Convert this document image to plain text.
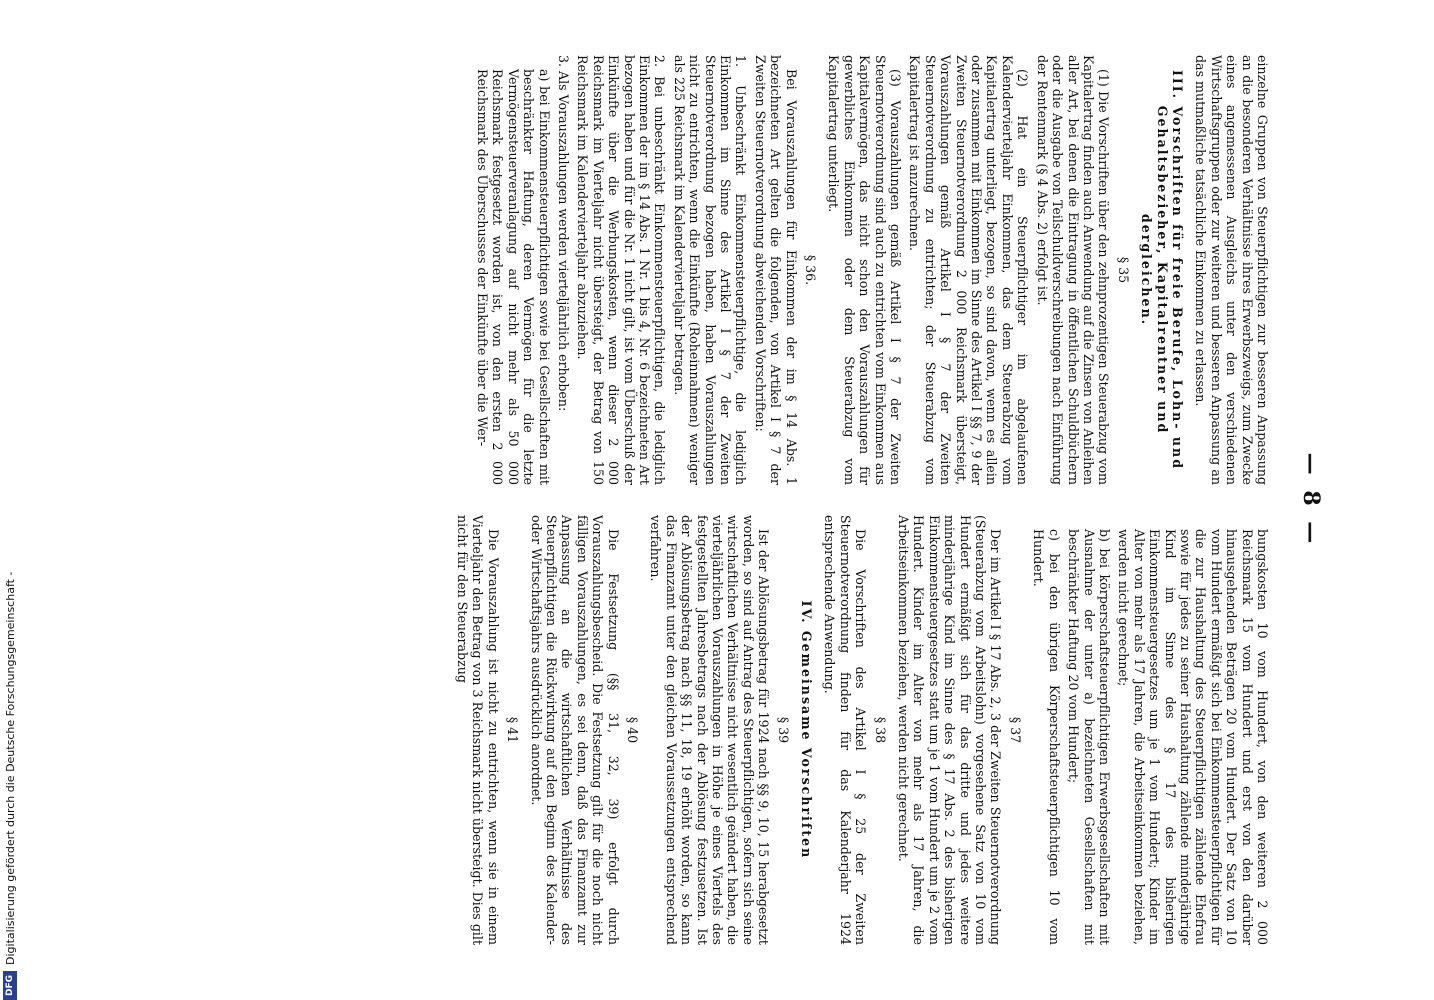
— 8 —

einzelne Gruppen von Steuerpflichtigen zur besseren Anpassung an die besonderen Verhältnisse ihres Erwerbszweigs, zum Zwecke eines angemessenen Ausgleichs unter den verschiedenen Wirtschaftsgruppen oder zur weiteren und besseren Anpassung an das mutmaßliche tatsächliche Einkommen zu erlassen.

III. Vorschriften für freie Berufe, Lohn- und Gehaltsbezieher, Kapitalrentner und dergleichen.

§ 35

(1) Die Vorschriften über den zehnprozentigen Steuerabzug vom Kapitalertrag finden auch Anwendung auf die Zinsen von Anleihen aller Art, bei denen die Eintragung in öffentlichen Schuldbüchern oder die Ausgabe von Teilschuldverschreibungen nach Einführung der Rentenmark (§ 4 Abs. 2) erfolgt ist.

(2) Hat ein Steuerpflichtiger im abgelaufenen Kalendervierteljahr Einkommen, das dem Steuerabzug vom Kapitalertrag unterliegt, bezogen, so sind davon, wenn es allein oder zusammen mit Einkommen im Sinne des Artikel I §§ 7, 9 der Zweiten Steuernotverordnung 2 000 Reichsmark übersteigt, Vorauszahlungen gemäß Artikel I § 7 der Zweiten Steuernotverordnung zu entrichten; der Steuerabzug vom Kapitalertrag ist anzurechnen.

(3) Vorauszahlungen gemäß Artikel I § 7 der Zweiten Steuernotverordnung sind auch zu entrichten vom Einkommen aus Kapitalvermögen, das nicht schon den Vorauszahlungen für gewerbliches Einkommen oder dem Steuerabzug vom Kapitalertrag unterliegt.

§ 36.

Bei Vorauszahlungen für Einkommen der im § 14 Abs. 1 bezeichneten Art gelten die folgenden, von Artikel I § 7 der Zweiten Steuernotverordnung abweichenden Vorschriften:

1. Unbeschränkt Einkommensteuerpflichtige, die lediglich Einkommen im Sinne des Artikel I § 7 der Zweiten Steuernotverordnung bezogen haben, haben Vorauszahlungen nicht zu entrichten, wenn die Einkünfte (Roheinnahmen) weniger als 225 Reichsmark im Kalendervierteljahr betragen.

2. Bei unbeschränkt Einkommensteuerpflichtigen, die lediglich Einkommen der im § 14 Abs. 1 Nr. 1 bis 4, Nr. 6 bezeichneten Art bezogen haben und für die Nr. 1 nicht gilt, ist vom Überschuß der Einkünfte über die Werbungskosten, wenn dieser 2 000 Reichsmark im Vierteljahr nicht übersteigt, der Betrag von 150 Reichsmark im Kalendervierteljahr abzuziehen.

3. Als Vorauszahlungen werden vierteljährlich erhoben:

a) bei Einkommensteuerpflichtigen sowie bei Gesellschaften mit beschränkter Haftung, deren Vermögen für die letzte Vermögensteuerveranlagung auf nicht mehr als 50 000 Reichsmark festgesetzt worden ist, von den ersten 2 000 Reichsmark des Überschusses der Einkünfte über die Wer-

bungskosten 10 vom Hundert, von den weiteren 2 000 Reichsmark 15 vom Hundert und erst von den darüber hinausgehenden Beträgen 20 vom Hundert. Der Satz von 10 vom Hundert ermäßigt sich bei Einkommensteuerpflichtigen für die zur Haushaltung des Steuerpflichtigen zählende Ehefrau sowie für jedes zu seiner Haushaltung zählende minderjährige Kind im Sinne des § 17 des bisherigen Einkommensteuergesetzes um je 1 vom Hundert; Kinder im Alter von mehr als 17 Jahren, die Arbeitseinkommen beziehen, werden nicht gerechnet;

b) bei körperschaftsteuerpflichtigen Erwerbsgesellschaften mit Ausnahme der unter a) bezeichneten Gesellschaften mit beschränkter Haftung 20 vom Hundert;

c) bei den übrigen Körperschaftsteuerpflichtigen 10 vom Hundert.

§ 37

Der im Artikel I § 17 Abs. 2, 3 der Zweiten Steuernotverordnung (Steuerabzug vom Arbeitslohn) vorgesehene Satz von 10 vom Hundert ermäßigt sich für das dritte und jedes weitere minderjährige Kind im Sinne des § 17 Abs. 2 des bisherigen Einkommensteuergesetzes statt um je 1 vom Hundert um je 2 vom Hundert. Kinder im Alter von mehr als 17 Jahren, die Arbeitseinkommen beziehen, werden nicht gerechnet.

§ 38

Die Vorschriften des Artikel I § 25 der Zweiten Steuernotverordnung finden für das Kalenderjahr 1924 entsprechende Anwendung.

IV. Gemeinsame Vorschriften

§ 39

Ist der Ablösungsbetrag für 1924 nach §§ 9, 10, 15 herabgesetzt worden, so sind auf Antrag des Steuerpflichtigen, sofern sich seine wirtschaftlichen Verhältnisse nicht wesentlich geändert haben, die vierteljährlichen Vorauszahlungen in Höhe je eines Viertels des festgestellten Jahresbetrags nach der Ablösung festzusetzen. Ist der Ablösungsbetrag nach §§ 11, 18, 19 erhöht worden, so kann das Finanzamt unter den gleichen Voraussetzungen entsprechend verfahren.

§ 40

Die Festsetzung (§§ 31, 32, 39) erfolgt durch Vorauszahlungsbescheid. Die Festsetzung gilt für die noch nicht fälligen Vorauszahlungen, es sei denn, daß das Finanzamt zur Anpassung an die wirtschaftlichen Verhältnisse des Steuerpflichtigen die Rückwirkung auf den Beginn des Kalender- oder Wirtschaftsjahrs ausdrücklich anordnet.

§ 41

Die Vorauszahlung ist nicht zu entrichten, wenn sie in einem Vierteljahr den Betrag von 3 Reichsmark nicht übersteigt. Dies gilt nicht für den Steuerabzug

DFG
Digitalisierung gefördert durch die Deutsche Forschungsgemeinschaft -
